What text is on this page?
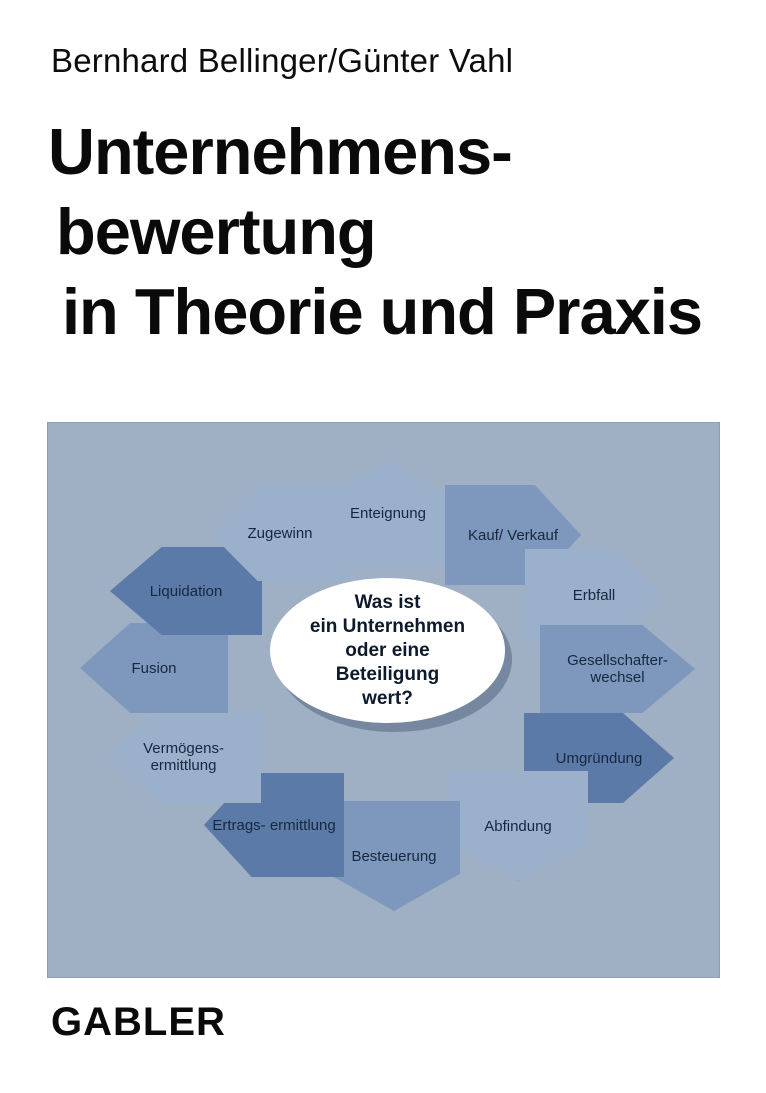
Bernhard Bellinger/Günter Vahl
Unternehmens-
bewertung
in Theorie und Praxis
Enteignung
Kauf/ Verkauf
Erbfall
Gesellschafter- wechsel
Umgründung
Abfindung
Besteuerung
Ertrags- ermittlung
Vermögens- ermittlung
Fusion
Liquidation
Zugewinn
Was ist
ein Unternehmen
oder eine
Beteiligung
wert?
GABLER
